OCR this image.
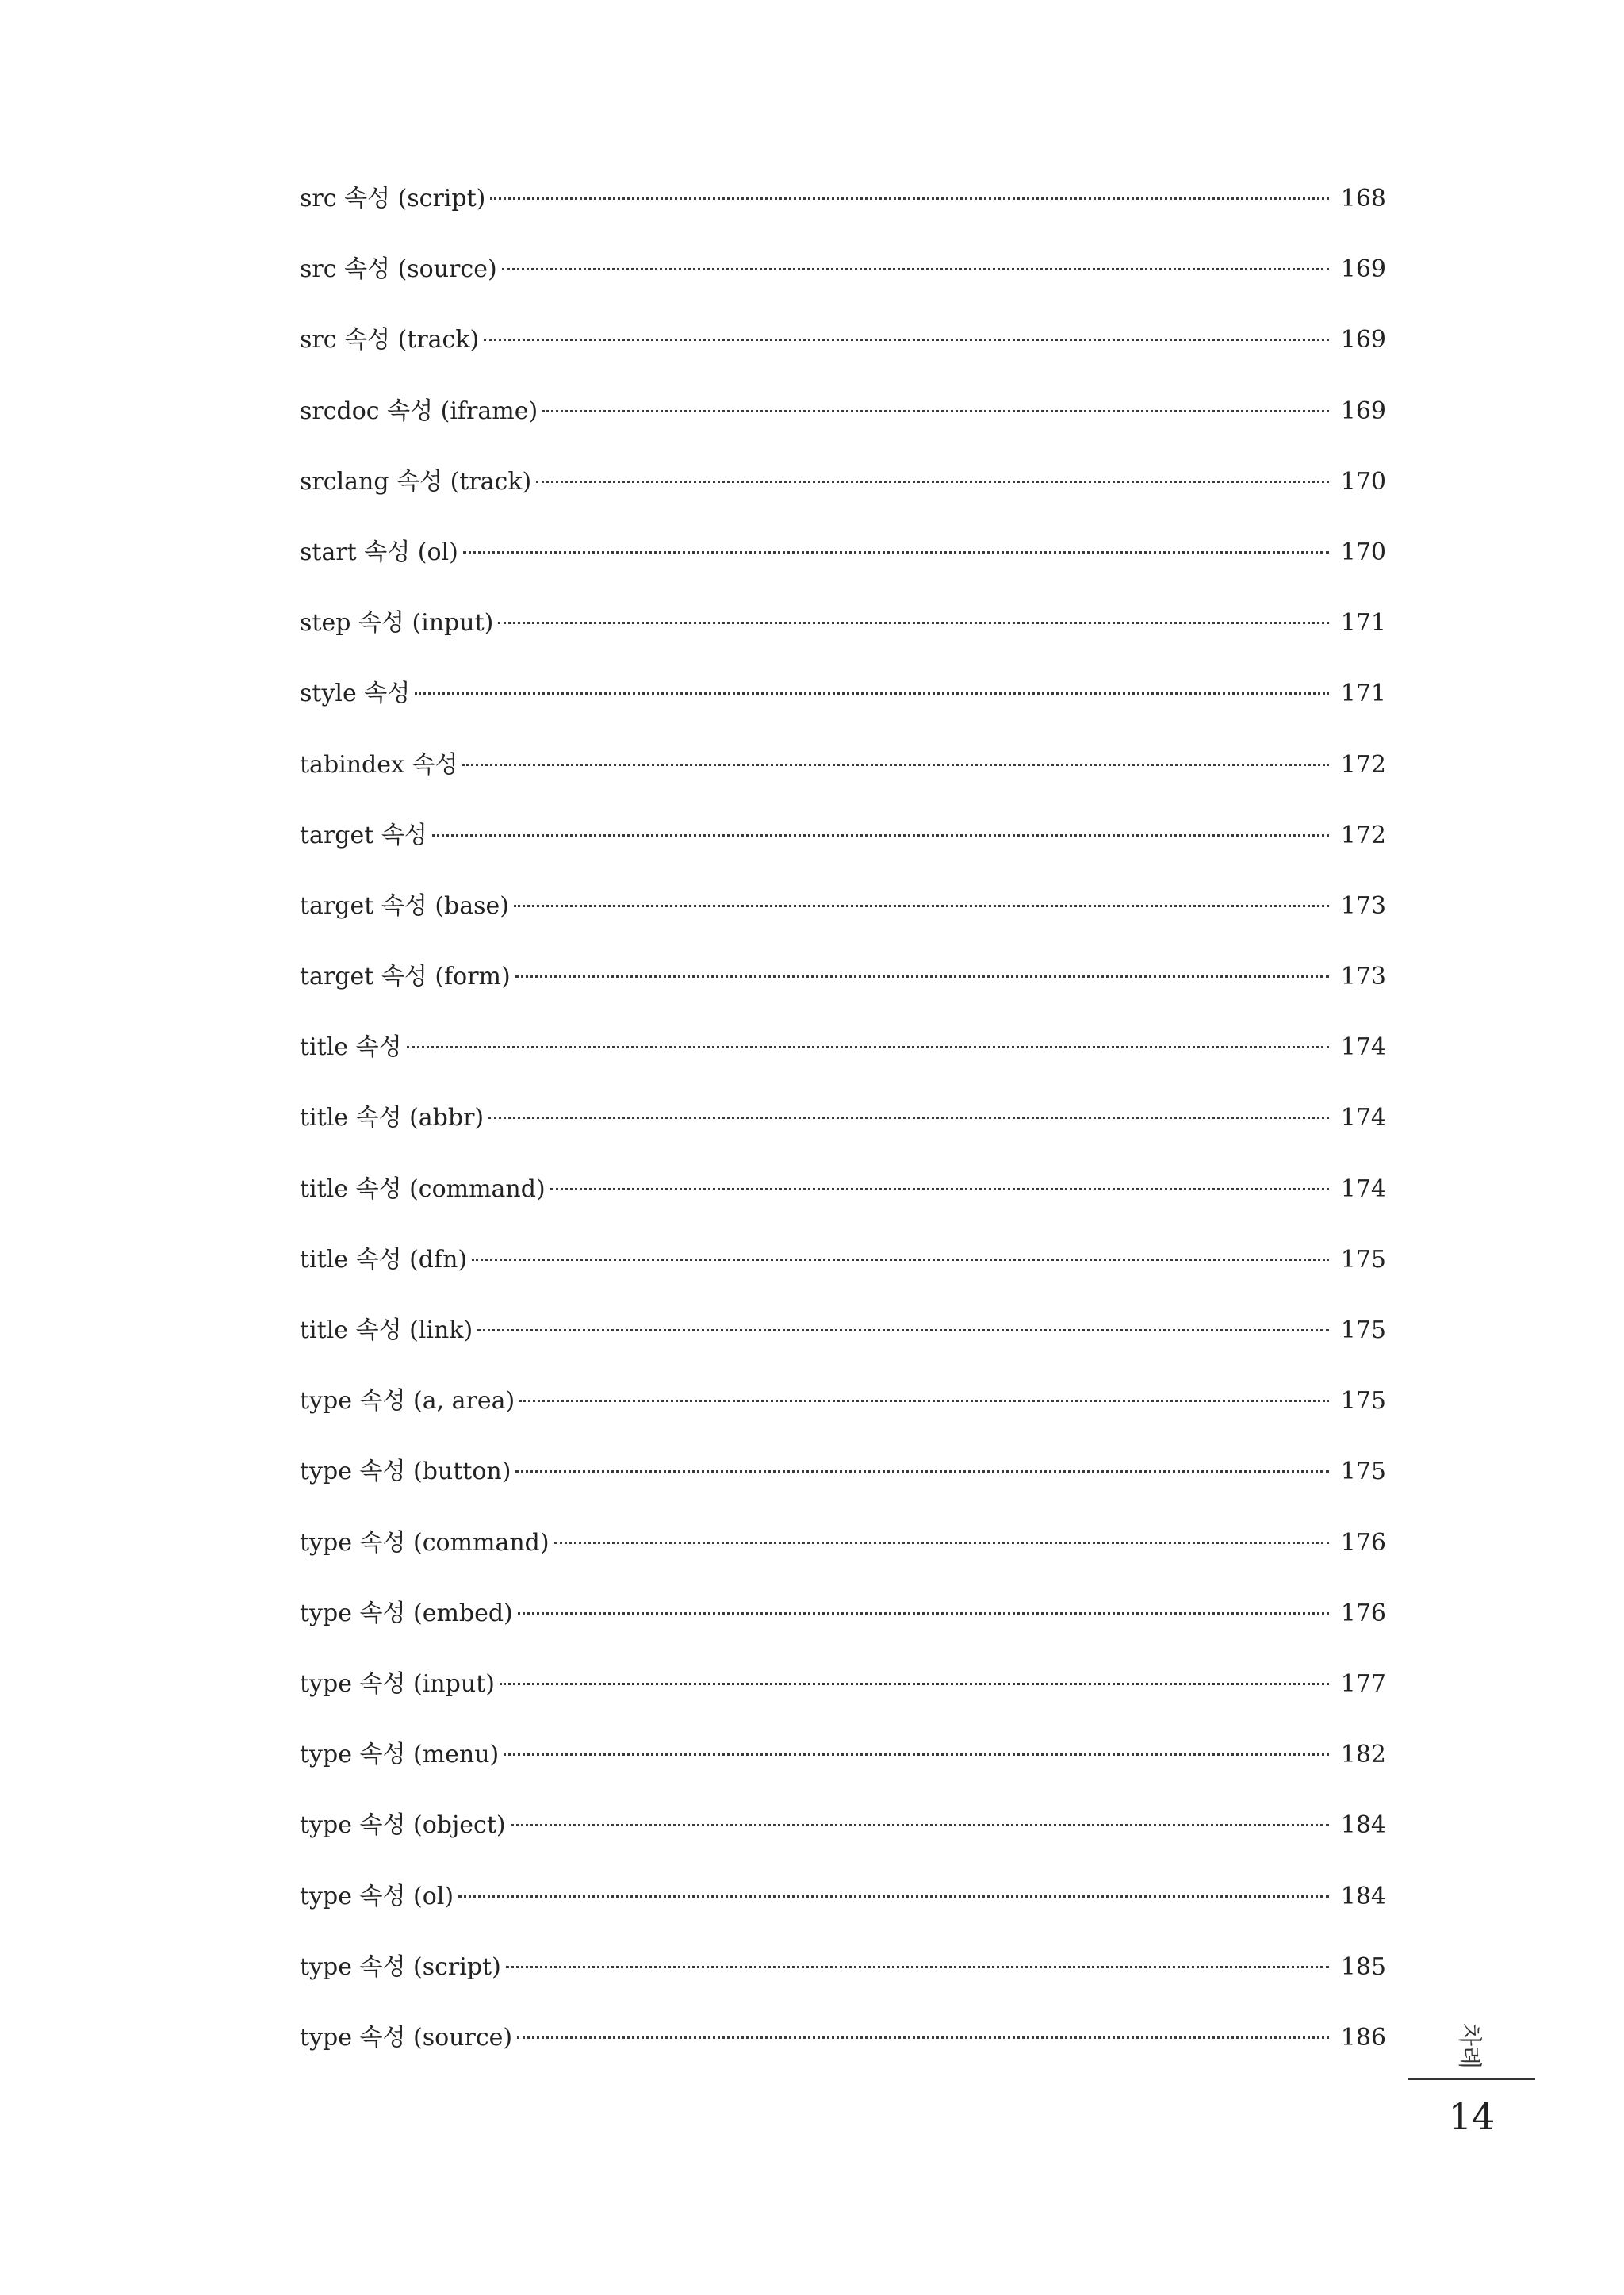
src 속성 (script)	168
src 속성 (source)	169
src 속성 (track)	169
srcdoc 속성 (iframe)	169
srclang 속성 (track)	170
start 속성 (ol)	170
step 속성 (input)	171
style 속성	171
tabindex 속성	172
target 속성	172
target 속성 (base)	173
target 속성 (form)	173
title 속성	174
title 속성 (abbr)	174
title 속성 (command)	174
title 속성 (dfn)	175
title 속성 (link)	175
type 속성 (a, area)	175
type 속성 (button)	175
type 속성 (command)	176
type 속성 (embed)	176
type 속성 (input)	177
type 속성 (menu)	182
type 속성 (object)	184
type 속성 (ol)	184
type 속성 (script)	185
type 속성 (source)	186	차례
14
